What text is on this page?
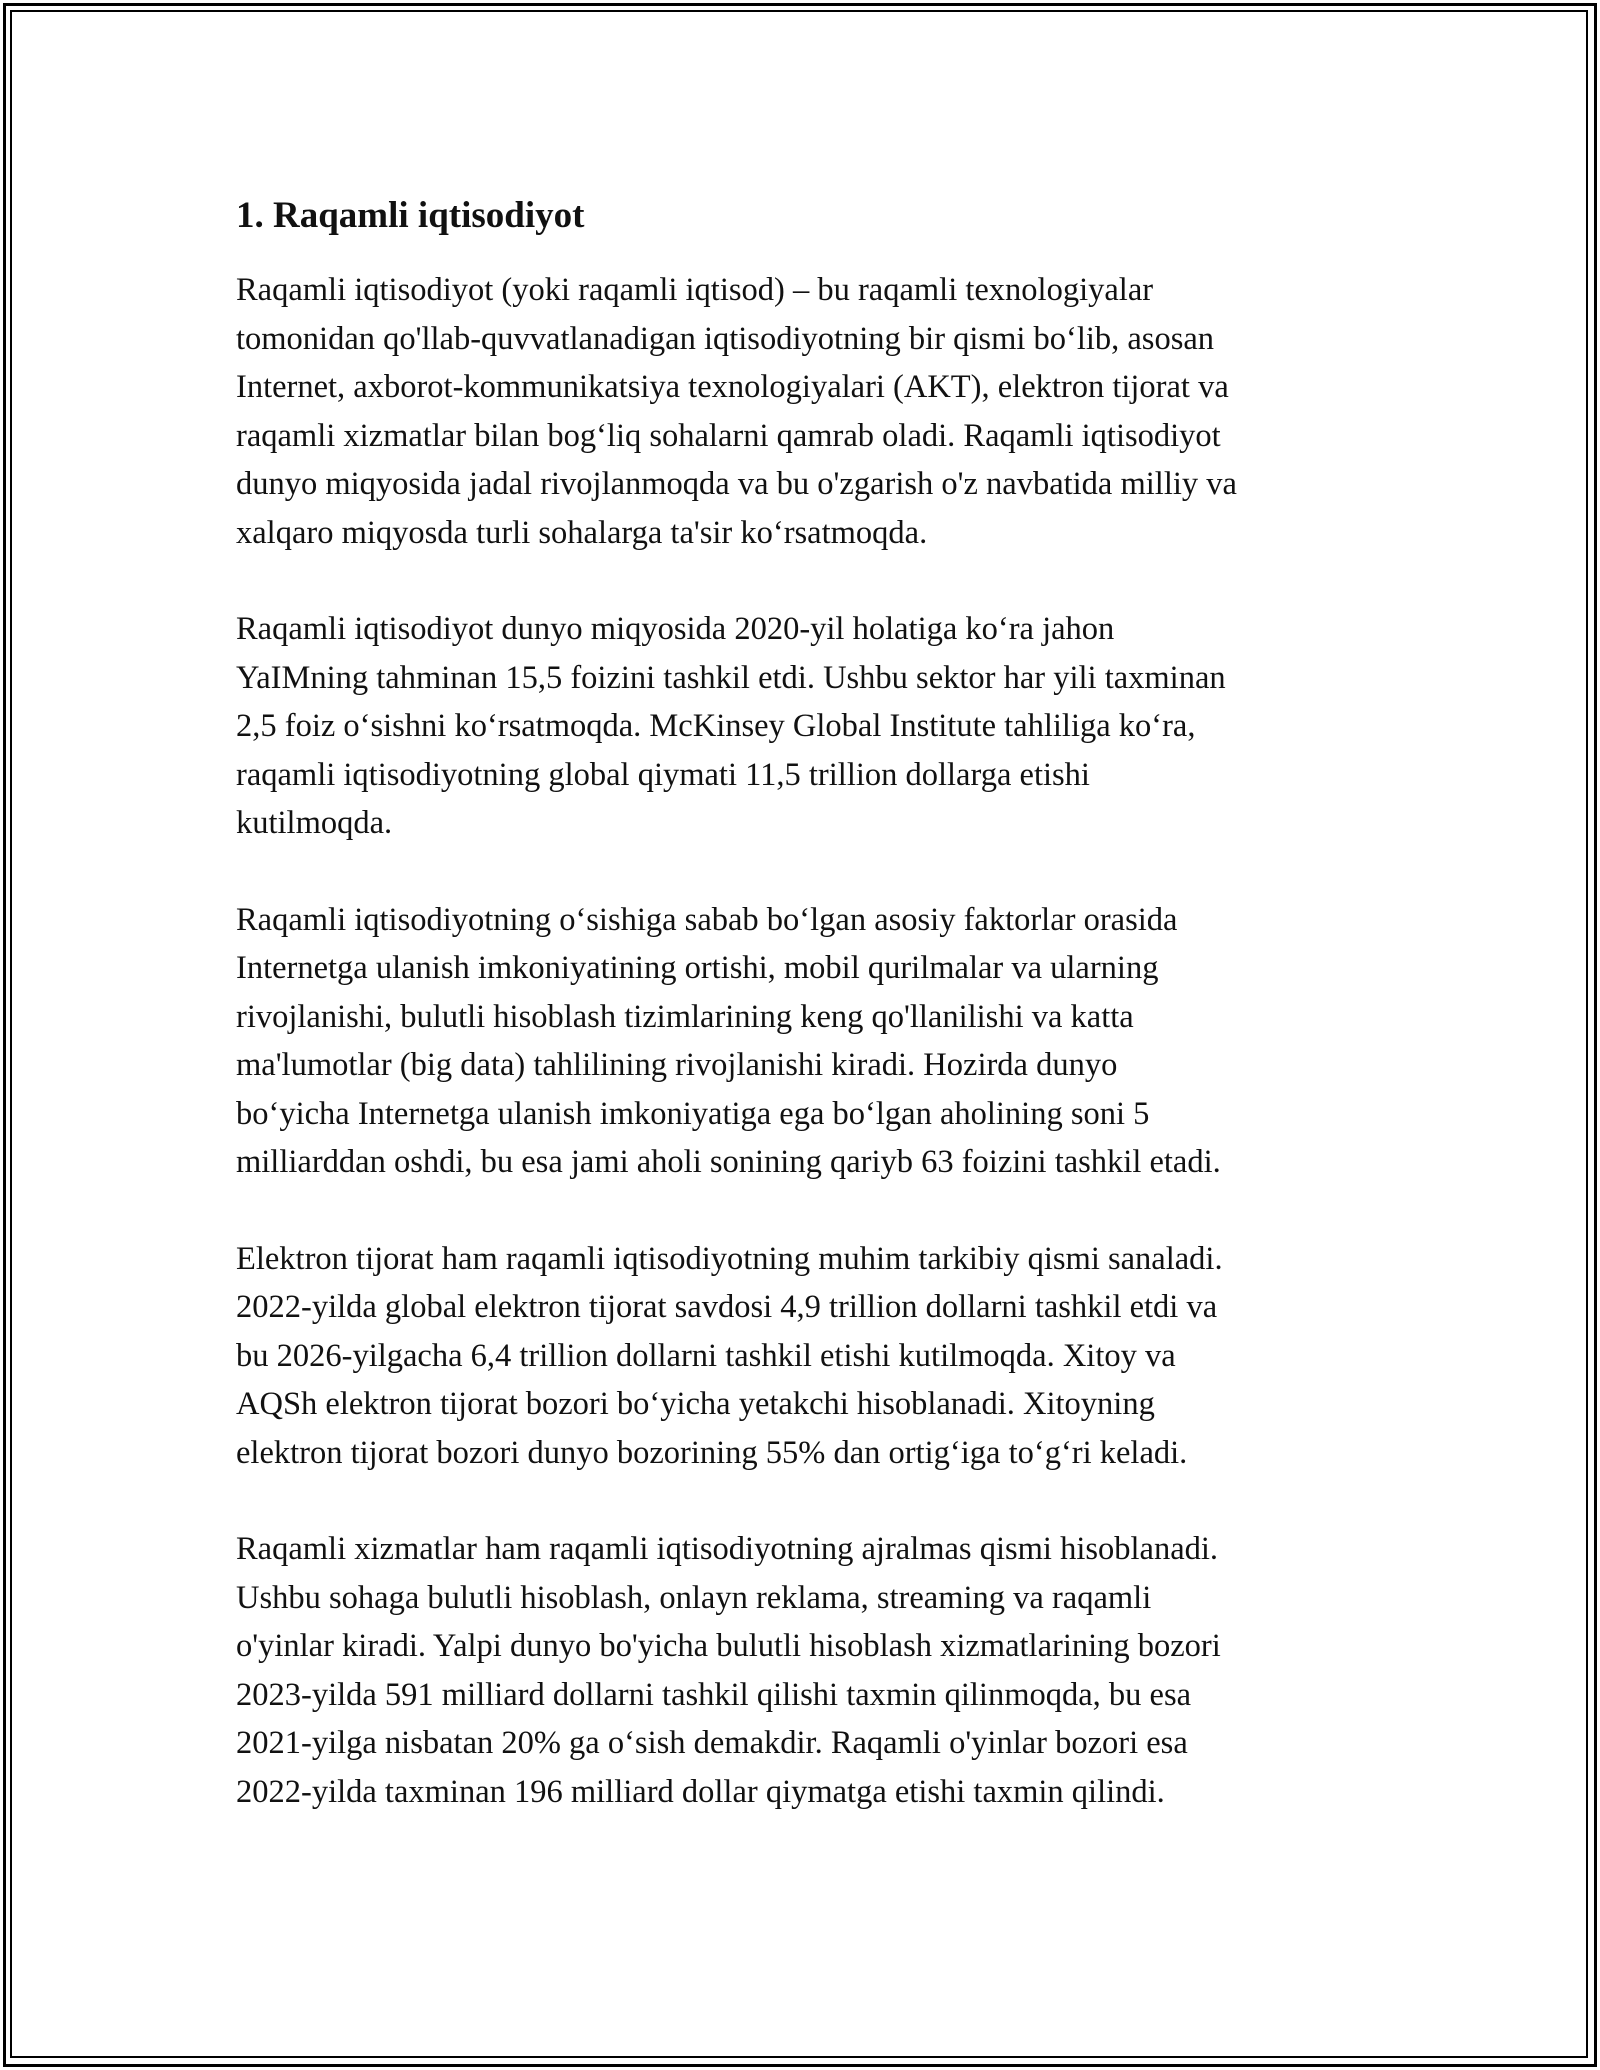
1. Raqamli iqtisodiyot
Raqamli iqtisodiyot (yoki raqamli iqtisod) – bu raqamli texnologiyalar
tomonidan qo'llab-quvvatlanadigan iqtisodiyotning bir qismi bo‘lib, asosan
Internet, axborot-kommunikatsiya texnologiyalari (AKT), elektron tijorat va
raqamli xizmatlar bilan bog‘liq sohalarni qamrab oladi. Raqamli iqtisodiyot
dunyo miqyosida jadal rivojlanmoqda va bu o'zgarish o'z navbatida milliy va
xalqaro miqyosda turli sohalarga ta'sir ko‘rsatmoqda.
Raqamli iqtisodiyot dunyo miqyosida 2020-yil holatiga ko‘ra jahon
YaIMning tahminan 15,5 foizini tashkil etdi. Ushbu sektor har yili taxminan
2,5 foiz o‘sishni ko‘rsatmoqda. McKinsey Global Institute tahliliga ko‘ra,
raqamli iqtisodiyotning global qiymati 11,5 trillion dollarga etishi
kutilmoqda.
Raqamli iqtisodiyotning o‘sishiga sabab bo‘lgan asosiy faktorlar orasida
Internetga ulanish imkoniyatining ortishi, mobil qurilmalar va ularning
rivojlanishi, bulutli hisoblash tizimlarining keng qo'llanilishi va katta
ma'lumotlar (big data) tahlilining rivojlanishi kiradi. Hozirda dunyo
bo‘yicha Internetga ulanish imkoniyatiga ega bo‘lgan aholining soni 5
milliarddan oshdi, bu esa jami aholi sonining qariyb 63 foizini tashkil etadi.
Elektron tijorat ham raqamli iqtisodiyotning muhim tarkibiy qismi sanaladi.
2022-yilda global elektron tijorat savdosi 4,9 trillion dollarni tashkil etdi va
bu 2026-yilgacha 6,4 trillion dollarni tashkil etishi kutilmoqda. Xitoy va
AQSh elektron tijorat bozori bo‘yicha yetakchi hisoblanadi. Xitoyning
elektron tijorat bozori dunyo bozorining 55% dan ortig‘iga to‘g‘ri keladi.
Raqamli xizmatlar ham raqamli iqtisodiyotning ajralmas qismi hisoblanadi.
Ushbu sohaga bulutli hisoblash, onlayn reklama, streaming va raqamli
o'yinlar kiradi. Yalpi dunyo bo'yicha bulutli hisoblash xizmatlarining bozori
2023-yilda 591 milliard dollarni tashkil qilishi taxmin qilinmoqda, bu esa
2021-yilga nisbatan 20% ga o‘sish demakdir. Raqamli o'yinlar bozori esa
2022-yilda taxminan 196 milliard dollar qiymatga etishi taxmin qilindi.
